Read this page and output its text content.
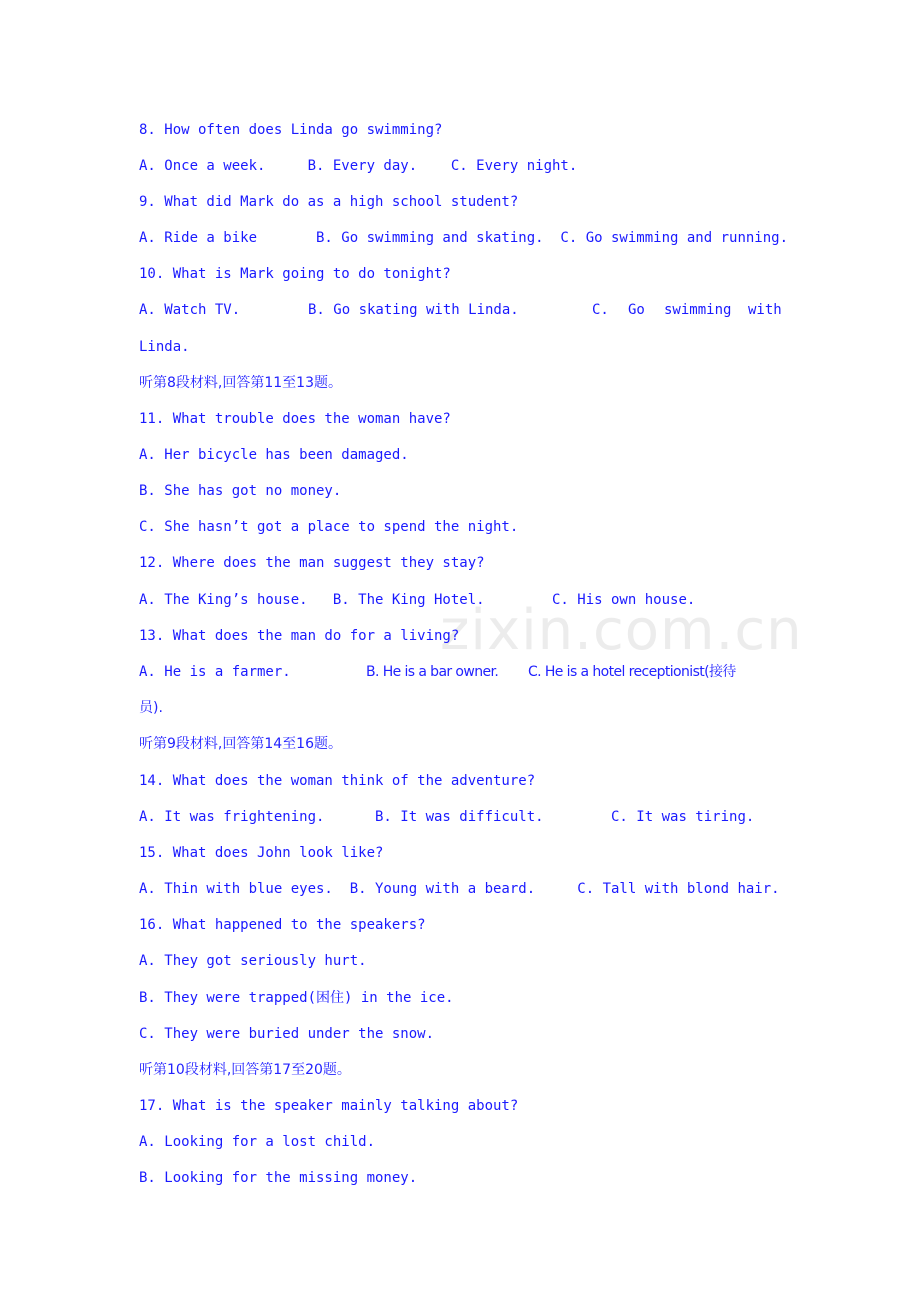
zixin.com.cn
8. How often does Linda go swimming?
A. Once a week.     B. Every day.    C. Every night.
9. What did Mark do as a high school student?
A. Ride a bike       B. Go swimming and skating.  C. Go swimming and running.
10. What is Mark going to do tonight?
A. Watch TV.	B. Go skating with Linda.	C. Go swimming with
Linda.
听第8段材料,回答第11至13题。
11. What trouble does the woman have?
A. Her bicycle has been damaged.
B. She has got no money.
C. She hasn’t got a place to spend the night.
12. Where does the man suggest they stay?
A. The King’s house.   B. The King Hotel.        C. His own house.
13. What does the man do for a living?
A. He is a farmer.	B. He is a bar owner. C. He is a hotel receptionist(接待
员).
听第9段材料,回答第14至16题。
14. What does the woman think of the adventure?
A. It was frightening.      B. It was difficult.        C. It was tiring.
15. What does John look like?
A. Thin with blue eyes.  B. Young with a beard.     C. Tall with blond hair.
16. What happened to the speakers?
A. They got seriously hurt.
B. They were trapped(困住) in the ice.
C. They were buried under the snow.
听第10段材料,回答第17至20题。
17. What is the speaker mainly talking about?
A. Looking for a lost child.
B. Looking for the missing money.
